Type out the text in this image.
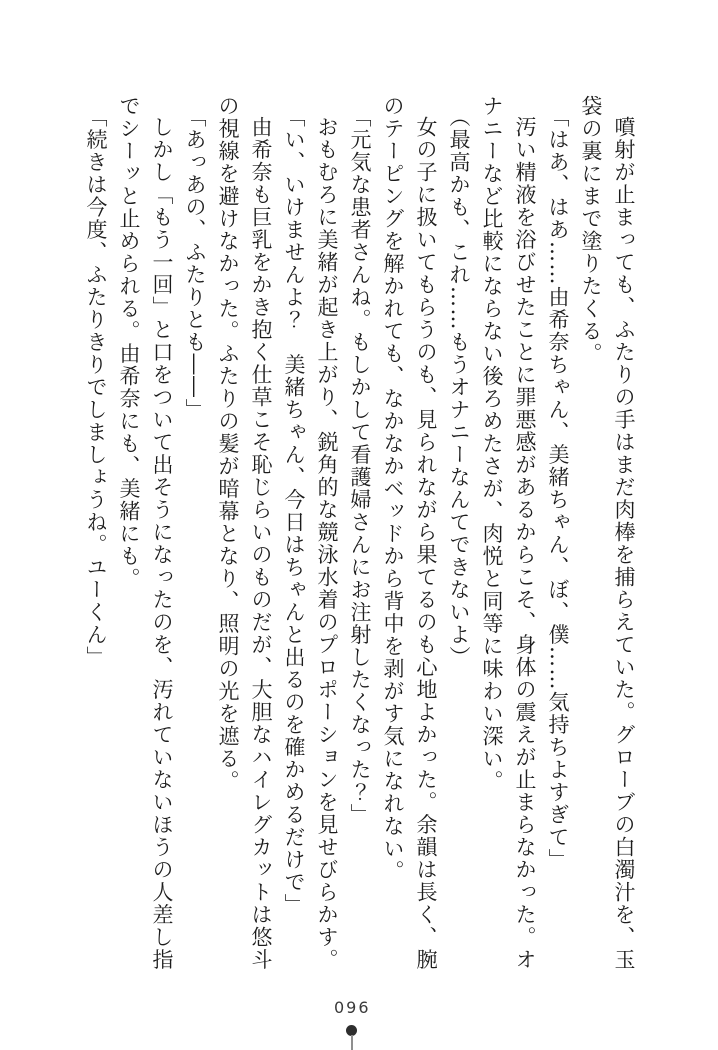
噴射が止まっても、ふたりの手はまだ肉棒を捕らえていた。グローブの白濁汁を、玉袋の裏にまで塗りたくる。

「はあ、はあ……由希奈ちゃん、美緒ちゃん、ぼ、僕……気持ちよすぎて」

汚い精液を浴びせたことに罪悪感があるからこそ、身体の震えが止まらなかった。オナニーなど比較にならない後ろめたさが、肉悦と同等に味わい深い。

（最高かも、これ……もうオナニーなんてできないよ）

女の子に扱いてもらうのも、見られながら果てるのも心地よかった。余韻は長く、腕のテーピングを解かれても、なかなかベッドから背中を剥がす気になれない。

「元気な患者さんね。もしかして看護婦さんにお注射したくなった？」

おもむろに美緒が起き上がり、鋭角的な競泳水着のプロポーションを見せびらかす。

「い、いけませんよ？　美緒ちゃん、今日はちゃんと出るのを確かめるだけで」

由希奈も巨乳をかき抱く仕草こそ恥じらいのものだが、大胆なハイレグカットは悠斗の視線を避けなかった。ふたりの髪が暗幕となり、照明の光を遮る。

「あっあの、ふたりとも――」

しかし「もう一回」と口をついて出そうになったのを、汚れていないほうの人差し指でシーッと止められる。由希奈にも、美緒にも。

「続きは今度、ふたりきりでしましょうね。ユーくん」

096
